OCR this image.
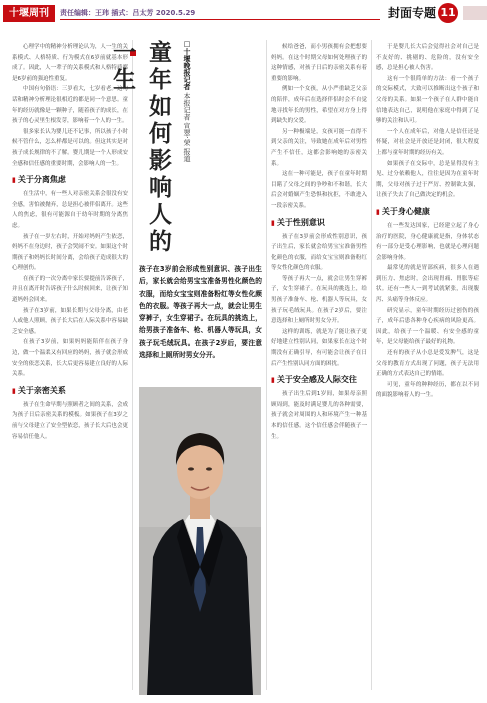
十堰周刊	责任编辑：王玮 插式：吕太芳 2020.5.29	封面专题 11

心理学中的精神分析理论认为，人一生的关系模式、人格特质、行为模式在6岁前就基本形成了。因此，人一辈子的关系模式和人格特质都是6岁前的强迫性重复。

中国有句俗语：三岁看大，七岁看老。这句话和精神分析理论很相近的都是同一个意思。童年的经历就像是一颗种子，随着孩子的成长，在孩子的心灵里生根发芽，影响着一个人的一生。

很多家长认为婴儿还不记事，所以孩子小时候不管什么，怎么样都是可以的。但这其实是对孩子成长规律的不了解。婴儿期是一个人形成安全感和信任感的重要时期，会影响人的一生。

▮ 关于分离焦虑

在生活中，有一些人对亲密关系会很没有安全感，害怕被抛弃，总是担心被伴侣离开。这些人的焦虑，很有可能源自于幼年时期的分离焦虑。

孩子在一岁左右时，开始对妈妈产生依恋，妈妈不在身边时，孩子会哭闹不安。如果这个时期孩子和妈妈长时间分离，会给孩子造成很大的心理创伤。

在孩子的一次分离中家长要提前告诉孩子，并且在离开时告诉孩子什么时候回来，让孩子知道妈妈会回来。

孩子在3岁前，如果长期与父母分离，由老人或他人照顾，孩子长大后在人际关系中容易缺乏安全感。

在孩子3岁前，如果妈妈能陪伴在孩子身边，做一个温柔又有回应的妈妈，孩子就会形成安全的依恋关系，长大后更容易建立良好的人际关系。

▮ 关于亲密关系

孩子在生命早期与照顾者之间的关系，会成为孩子日后亲密关系的模板。如果孩子在3岁之前与父母建立了安全型依恋，孩子长大后也会更容易信任他人。

童年如何影响人的一生	□十堰晚报记者 本报记者 宣翠·荣 报道
孩子在3岁前会形成性别意识、孩子出生后，家长就会给男宝宝准备男性化颜色的衣服，而给女宝宝则准备粉红等女性化颜色的衣服。等孩子再大一点，就会让男生穿裤子，女生穿裙子。在玩具的挑选上，给男孩子准备车、枪、机器人等玩具，女孩子玩毛绒玩具。在孩子2岁后，要注意选择和上厕所时男女分开。

候给爸爸，而小男孩拥有会把想要妈妈。在这个时期父母如何处理孩子的这种情感，对孩子日后的亲密关系有着重要的影响。

例如一个女孩，从小严重缺乏父亲的陪伴，成年后在选择伴侣时会不自觉地寻找年长的男性，希望在对方身上得到缺失的父爱。

另一种极端是，女孩可能一直得不到父亲的关注，导致她在成年后对男性产生不信任，这都会影响她的亲密关系。

这在一种可能是，孩子在童年时期目睹了父母之间的争吵和不和谐，长大后会对婚姻产生恐惧和抗拒，不敢进入一段亲密关系。

▮ 关于性别意识

孩子在3岁前会形成性别意识，孩子出生后，家长就会给男宝宝准备男性化颜色的衣服，而给女宝宝则准备粉红等女性化颜色的衣服。

等孩子再大一点，就会让男生穿裤子，女生穿裙子。在玩具的挑选上，给男孩子准备车、枪、机器人等玩具，女孩子玩毛绒玩具。在孩子2岁后，要注意选择和上厕所时男女分开。

这样的训练，就是为了能让孩子更好地建立性别认同，如果家长在这个时期没有正确引导，有可能会让孩子在日后产生性别认同方面的困扰。

▮ 关于安全感及人际交往

孩子出生后到1岁间，如果母亲照顾周到，能及时满足婴儿的各种需要，孩子就会对周围的人和环境产生一种基本的信任感。这个信任感会伴随孩子一生。

于是婴儿长大后会觉得社会对自己是不友好的、挑剔的、危险的，没有安全感，总是担心被人伤害。

这有一个很简单的方法：看一个孩子的交际模式，大致可以推断出这个孩子和父母的关系。如果一个孩子在人群中能自信地表达自己，说明他在家庭中得到了足够的关注和认可。

一个人在成年后，对他人是信任还是怀疑，对社会是开放还是封闭，很大程度上都与童年时期的经历有关。

如果孩子在交际中，总是显得没有主见、过分依赖他人，往往是因为在童年时期，父母对孩子过于严厉、控制欲太强，让孩子失去了自己做决定的机会。

▮ 关于身心健康

在一些发达国家，已经建立起了身心治疗的医院，身心健康就是指，身体状态有一部分是受心理影响，也就是心理问题会影响身体。

最常见的就是胃部疾病，很多人在遇到压力、焦虑时，会出现胃痛、胃胀等症状。还有一些人一到考试就紧张，出现腹泻、头痛等身体反应。

研究显示，童年时期经历过创伤的孩子，成年后患各种身心疾病的风险更高。因此，给孩子一个温暖、有安全感的童年，是父母能给孩子最好的礼物。

还有的孩子从小总是爱发脾气，这是父母的教育方式出现了问题，孩子无法用正确的方式表达自己的情绪。

可见，童年的种种经历，都在以不同的面貌影响着人的一生。
